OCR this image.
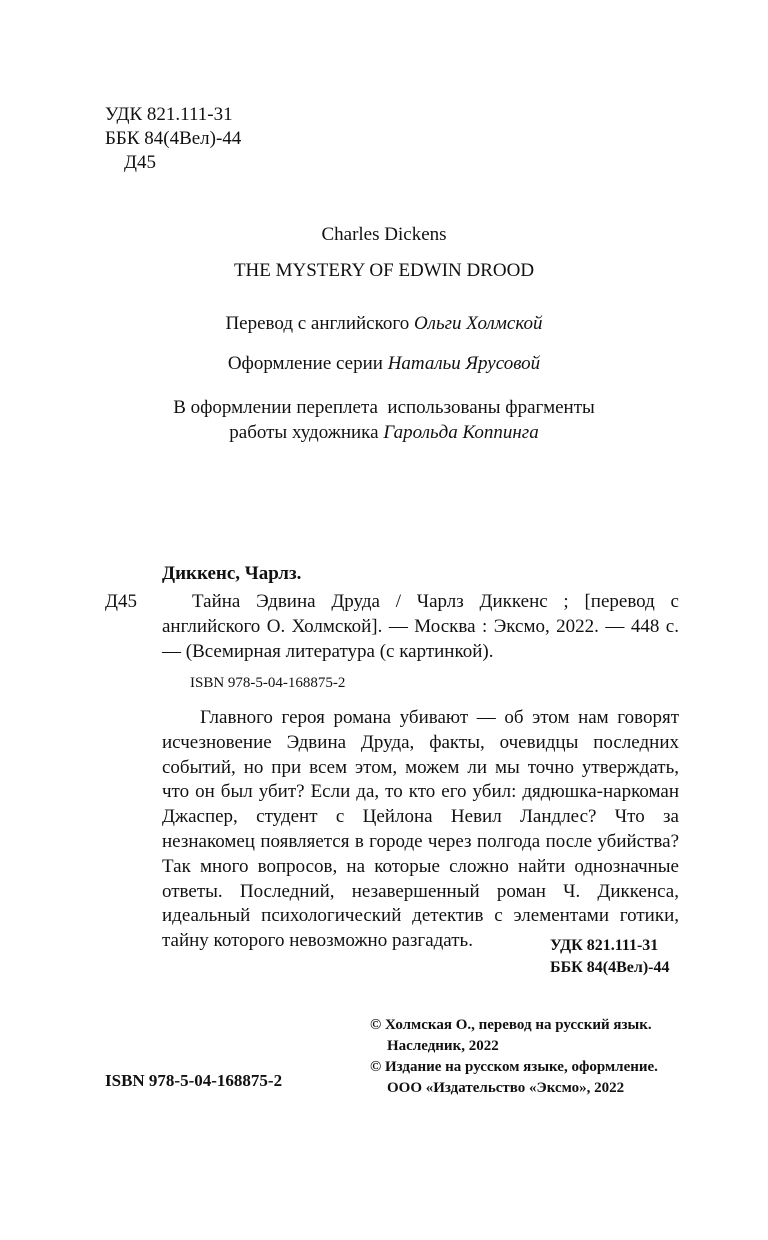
УДК 821.111-31
ББК 84(4Вел)-44
Д45
Charles Dickens
THE MYSTERY OF EDWIN DROOD
Перевод с английского Ольги Холмской
Оформление серии Натальи Ярусовой
В оформлении переплета  использованы фрагменты
работы художника Гарольда Коппинга
Диккенс, Чарлз.
Д45	Тайна Эдвина Друда / Чарлз Диккенс ; [перевод с английского О. Холмской]. — Москва : Эксмо, 2022. — 448 с. — (Всемирная литература (с картинкой).
ISBN 978-5-04-168875-2
Главного героя романа убивают — об этом нам говорят исчезновение Эдвина Друда, факты, очевидцы последних событий, но при всем этом, можем ли мы точно утверждать, что он был убит? Если да, то кто его убил: дядюшка-наркоман Джаспер, студент с Цейлона Невил Ландлес? Что за незнакомец появляется в городе через полгода после убийства? Так много вопросов, на которые сложно найти однозначные ответы. Последний, незавершенный роман Ч. Диккенса, идеальный психологический детектив с элементами готики, тайну которого невозможно разгадать.	УДК 821.111-31
ББК 84(4Вел)-44
© Холмская О., перевод на русский язык.
Наследник, 2022
© Издание на русском языке, оформление.
ООО «Издательство «Эксмо», 2022
ISBN 978-5-04-168875-2
